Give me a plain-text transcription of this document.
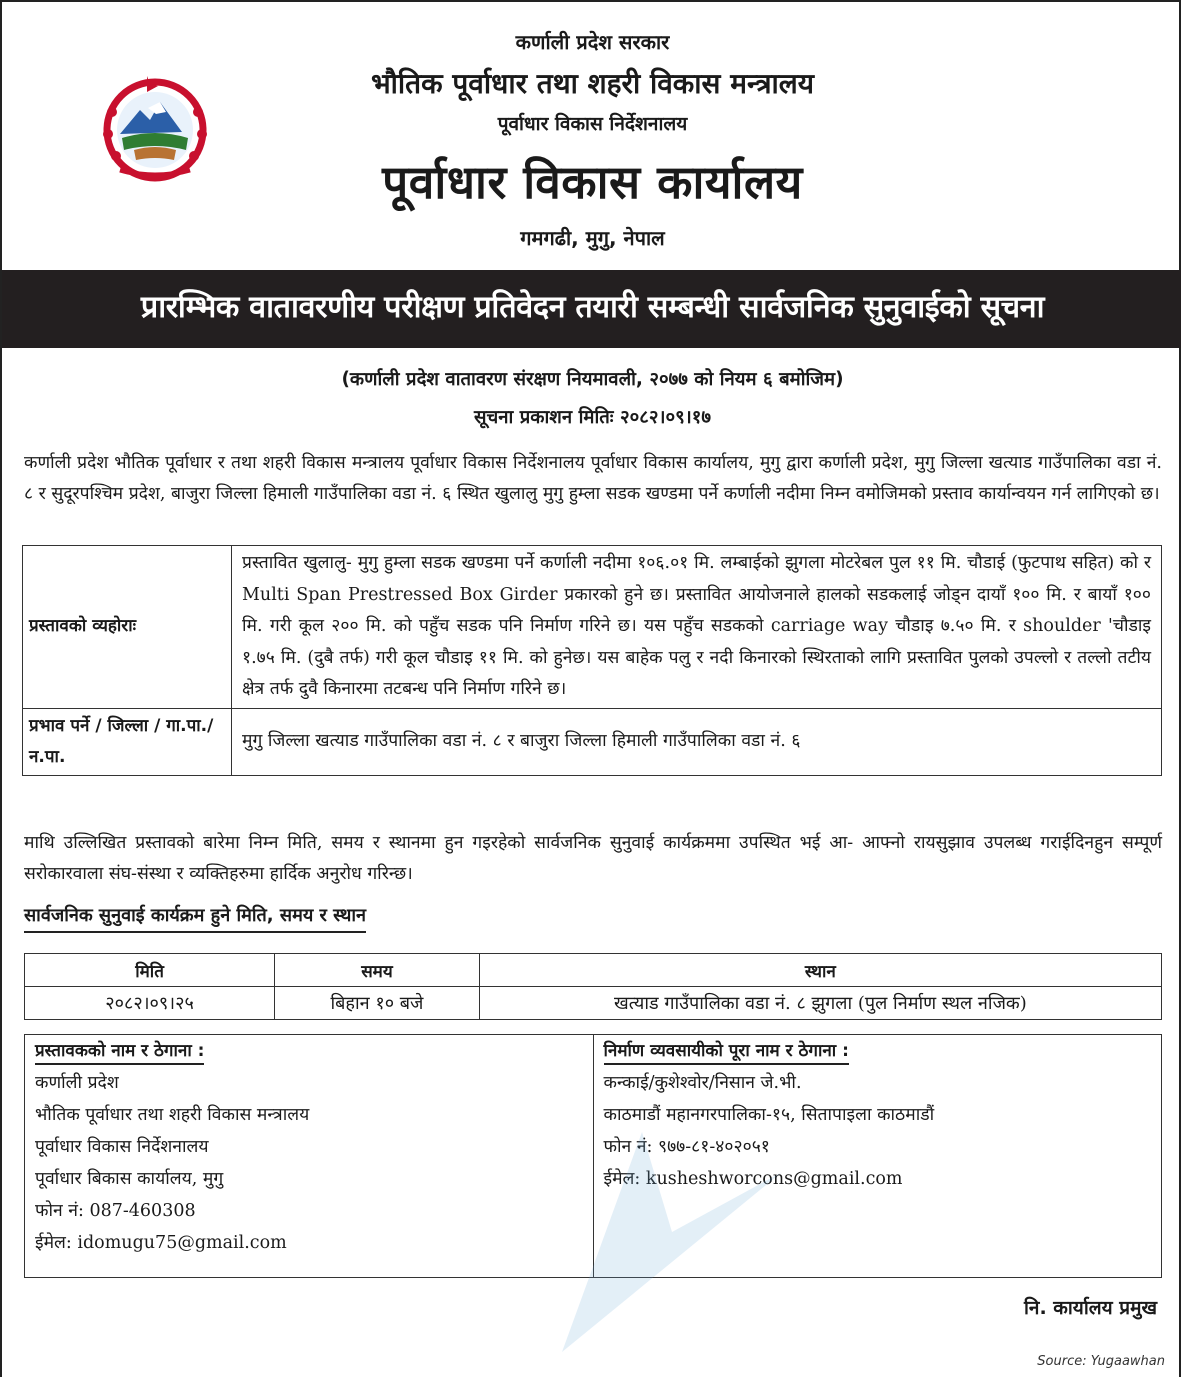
कर्णाली प्रदेश सरकार
भौतिक पूर्वाधार तथा शहरी विकास मन्त्रालय
पूर्वाधार विकास निर्देशनालय
पूर्वाधार विकास कार्यालय
गमगढी, मुगु, नेपाल
प्रारम्भिक वातावरणीय परीक्षण प्रतिवेदन तयारी सम्बन्धी सार्वजनिक सुनुवाईको सूचना
(कर्णाली प्रदेश वातावरण संरक्षण नियमावली, २०७७ को नियम ६ बमोजिम)
सूचना प्रकाशन मितिः २०८२।०९।१७
कर्णाली प्रदेश भौतिक पूर्वाधार र तथा शहरी विकास मन्त्रालय पूर्वाधार विकास निर्देशनालय पूर्वाधार विकास कार्यालय, मुगु द्वारा कर्णाली प्रदेश, मुगु जिल्ला खत्याड गाउँपालिका वडा नं. ८ र सुदूरपश्चिम प्रदेश, बाजुरा जिल्ला हिमाली गाउँपालिका वडा नं. ६ स्थित खुलालु मुगु हुम्ला सडक खण्डमा पर्ने कर्णाली नदीमा निम्न वमोजिमको प्रस्ताव कार्यान्वयन गर्न लागिएको छ।
प्रस्तावको व्यहोराः	प्रस्तावित खुलालु- मुगु हुम्ला सडक खण्डमा पर्ने कर्णाली नदीमा १०६.०१ मि. लम्बाईको झुगला मोटरेबल पुल ११ मि. चौडाई (फुटपाथ सहित) को र Multi Span Prestressed Box Girder प्रकारको हुने छ। प्रस्तावित आयोजनाले हालको सडकलाई जोड्न दायाँ १०० मि. र बायाँ १०० मि. गरी कूल २०० मि. को पहुँच सडक पनि निर्माण गरिने छ। यस पहुँच सडकको carriage way चौडाइ ७.५० मि. र shoulder 'चौडाइ १.७५ मि. (दुबै तर्फ) गरी कूल चौडाइ ११ मि. को हुनेछ। यस बाहेक पलु र नदी किनारको स्थिरताको लागि प्रस्तावित पुलको उपल्लो र तल्लो तटीय क्षेत्र तर्फ दुवै किनारमा तटबन्ध पनि निर्माण गरिने छ।
प्रभाव पर्ने / जिल्ला / गा.पा./न.पा.	मुगु जिल्ला खत्याड गाउँपालिका वडा नं. ८ र बाजुरा जिल्ला हिमाली गाउँपालिका वडा नं. ६
माथि उल्लिखित प्रस्तावको बारेमा निम्न मिति, समय र स्थानमा हुन गइरहेको सार्वजनिक सुनुवाई कार्यक्रममा उपस्थित भई आ- आफ्नो रायसुझाव उपलब्ध गराईदिनहुन सम्पूर्ण सरोकारवाला संघ-संस्था र व्यक्तिहरुमा हार्दिक अनुरोध गरिन्छ।
सार्वजनिक सुनुवाई कार्यक्रम हुने मिति, समय र स्थान
मिति	समय	स्थान
२०८२।०९।२५	बिहान १० बजे	खत्याड गाउँपालिका वडा नं. ८ झुगला (पुल निर्माण स्थल नजिक)
प्रस्तावकको नाम र ठेगाना :
कर्णाली प्रदेश
भौतिक पूर्वाधार तथा शहरी विकास मन्त्रालय
पूर्वाधार विकास निर्देशनालय
पूर्वाधार बिकास कार्यालय, मुगु
फोन नं: 087-460308
ईमेल: idomugu75@gmail.com
	निर्माण व्यवसायीको पूरा नाम र ठेगाना :
कन्काई/कुशेश्वोर/निसान जे.भी.
काठमाडौं महानगरपालिका-१५, सितापाइला काठमाडौं
फोन नं: ९७७-८१-४०२०५१
ईमेल: kusheshworcons@gmail.com
नि. कार्यालय प्रमुख
Source: Yugaawhan
